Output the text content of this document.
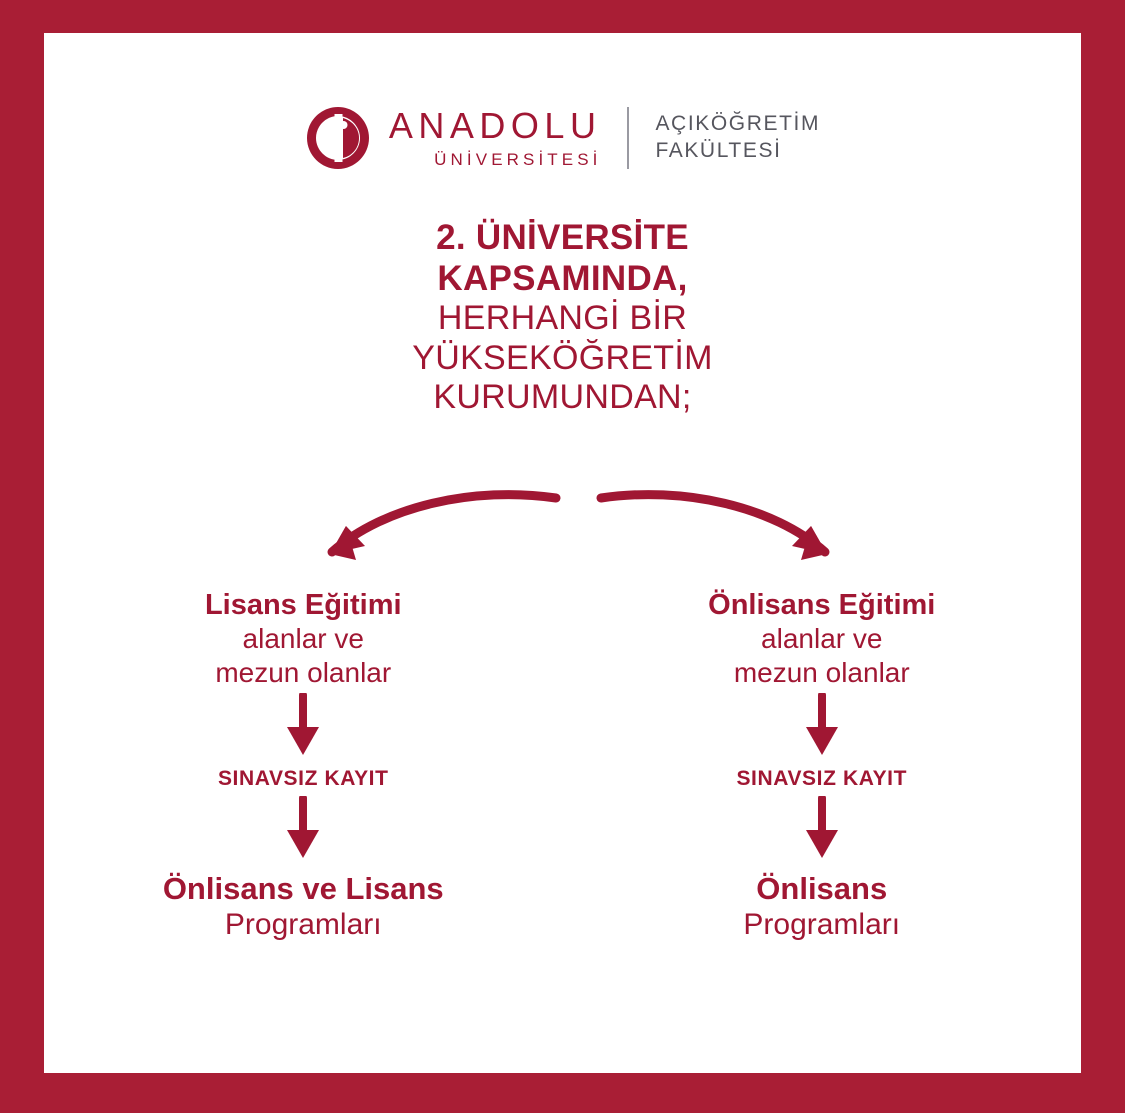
ANADOLU
ÜNİVERSİTESİ
AÇIKÖĞRETİM
FAKÜLTESİ
2. ÜNİVERSİTE
KAPSAMINDA,
HERHANGİ BİR
YÜKSEKÖĞRETİM
KURUMUNDAN;
Lisans Eğitimi
alanlar ve
mezun olanlar
SINAVSIZ KAYIT
Önlisans ve Lisans
Programları
Önlisans Eğitimi
alanlar ve
mezun olanlar
SINAVSIZ KAYIT
Önlisans
Programları
